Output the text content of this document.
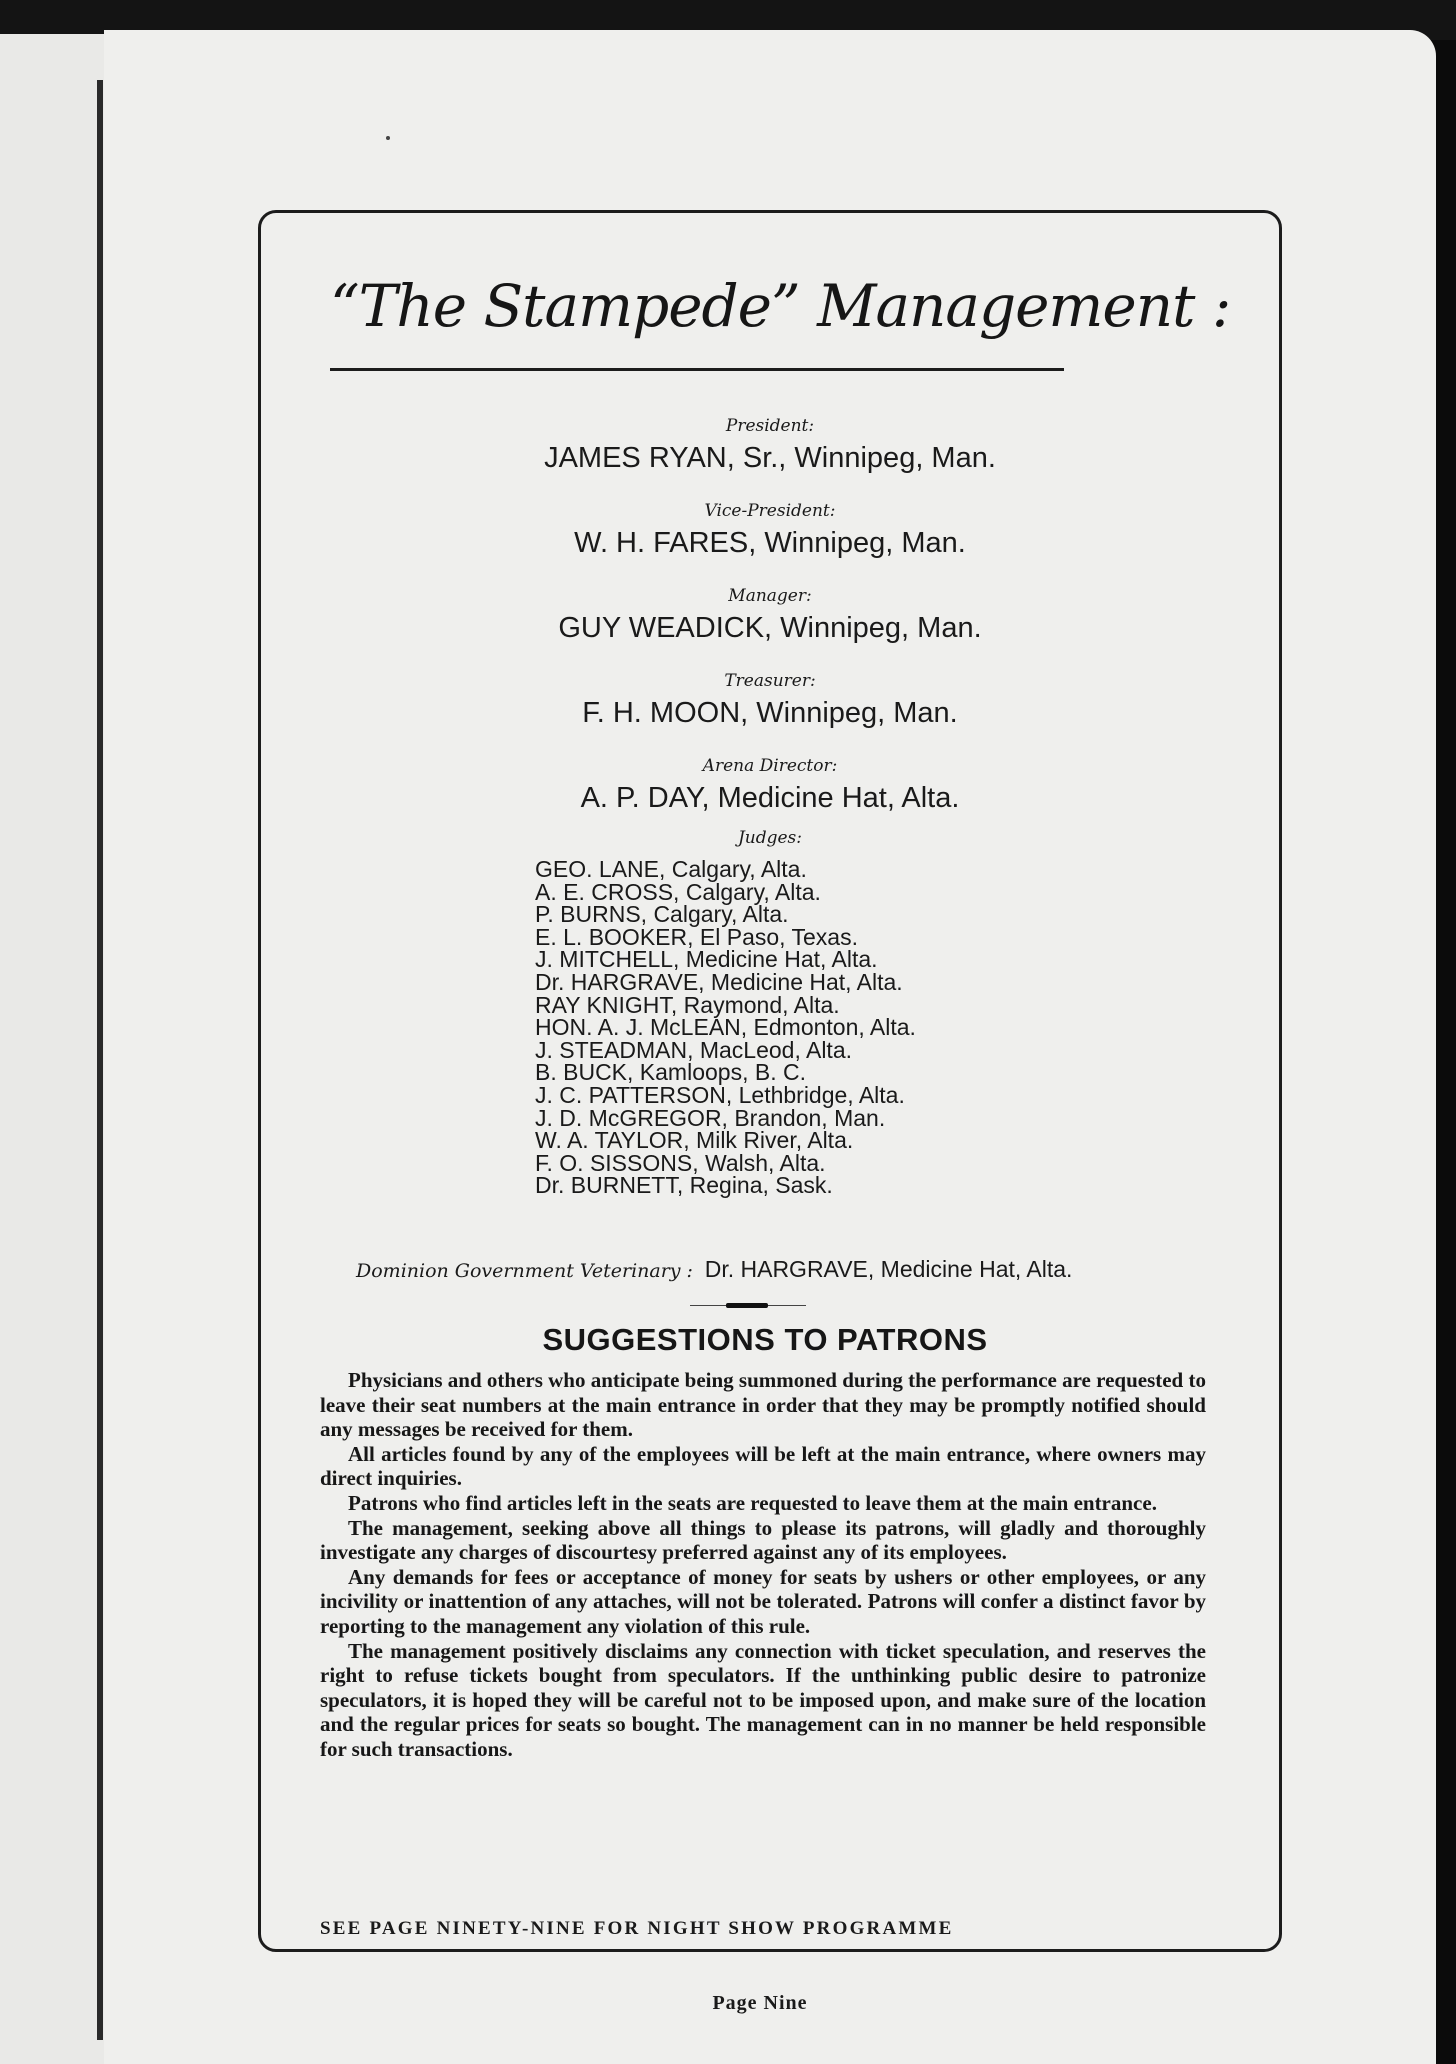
“The Stampede” Management :
President:
JAMES RYAN, Sr., Winnipeg, Man.
Vice-President:
W. H. FARES, Winnipeg, Man.
Manager:
GUY WEADICK, Winnipeg, Man.
Treasurer:
F. H. MOON, Winnipeg, Man.
Arena Director:
A. P. DAY, Medicine Hat, Alta.
Judges:
GEO. LANE, Calgary, Alta.
A. E. CROSS, Calgary, Alta.
P. BURNS, Calgary, Alta.
E. L. BOOKER, El Paso, Texas.
J. MITCHELL, Medicine Hat, Alta.
Dr. HARGRAVE, Medicine Hat, Alta.
RAY KNIGHT, Raymond, Alta.
HON. A. J. McLEAN, Edmonton, Alta.
J. STEADMAN, MacLeod, Alta.
B. BUCK, Kamloops, B. C.
J. C. PATTERSON, Lethbridge, Alta.
J. D. McGREGOR, Brandon, Man.
W. A. TAYLOR, Milk River, Alta.
F. O. SISSONS, Walsh, Alta.
Dr. BURNETT, Regina, Sask.
Dominion Government Veterinary : Dr. HARGRAVE, Medicine Hat, Alta.
SUGGESTIONS TO PATRONS

Physicians and others who anticipate being summoned during the performance are requested to leave their seat numbers at the main entrance in order that they may be promptly notified should any messages be received for them.

All articles found by any of the employees will be left at the main entrance, where owners may direct inquiries.

Patrons who find articles left in the seats are requested to leave them at the main entrance.

The management, seeking above all things to please its patrons, will gladly and thoroughly investigate any charges of discourtesy preferred against any of its employees.

Any demands for fees or acceptance of money for seats by ushers or other employees, or any incivility or inattention of any attaches, will not be tolerated. Patrons will confer a distinct favor by reporting to the management any violation of this rule.

The management positively disclaims any connection with ticket speculation, and reserves the right to refuse tickets bought from speculators. If the unthinking public desire to patronize speculators, it is hoped they will be careful not to be imposed upon, and make sure of the location and the regular prices for seats so bought. The management can in no manner be held responsible for such transactions.

SEE PAGE NINETY-NINE FOR NIGHT SHOW PROGRAMME

Page Nine
